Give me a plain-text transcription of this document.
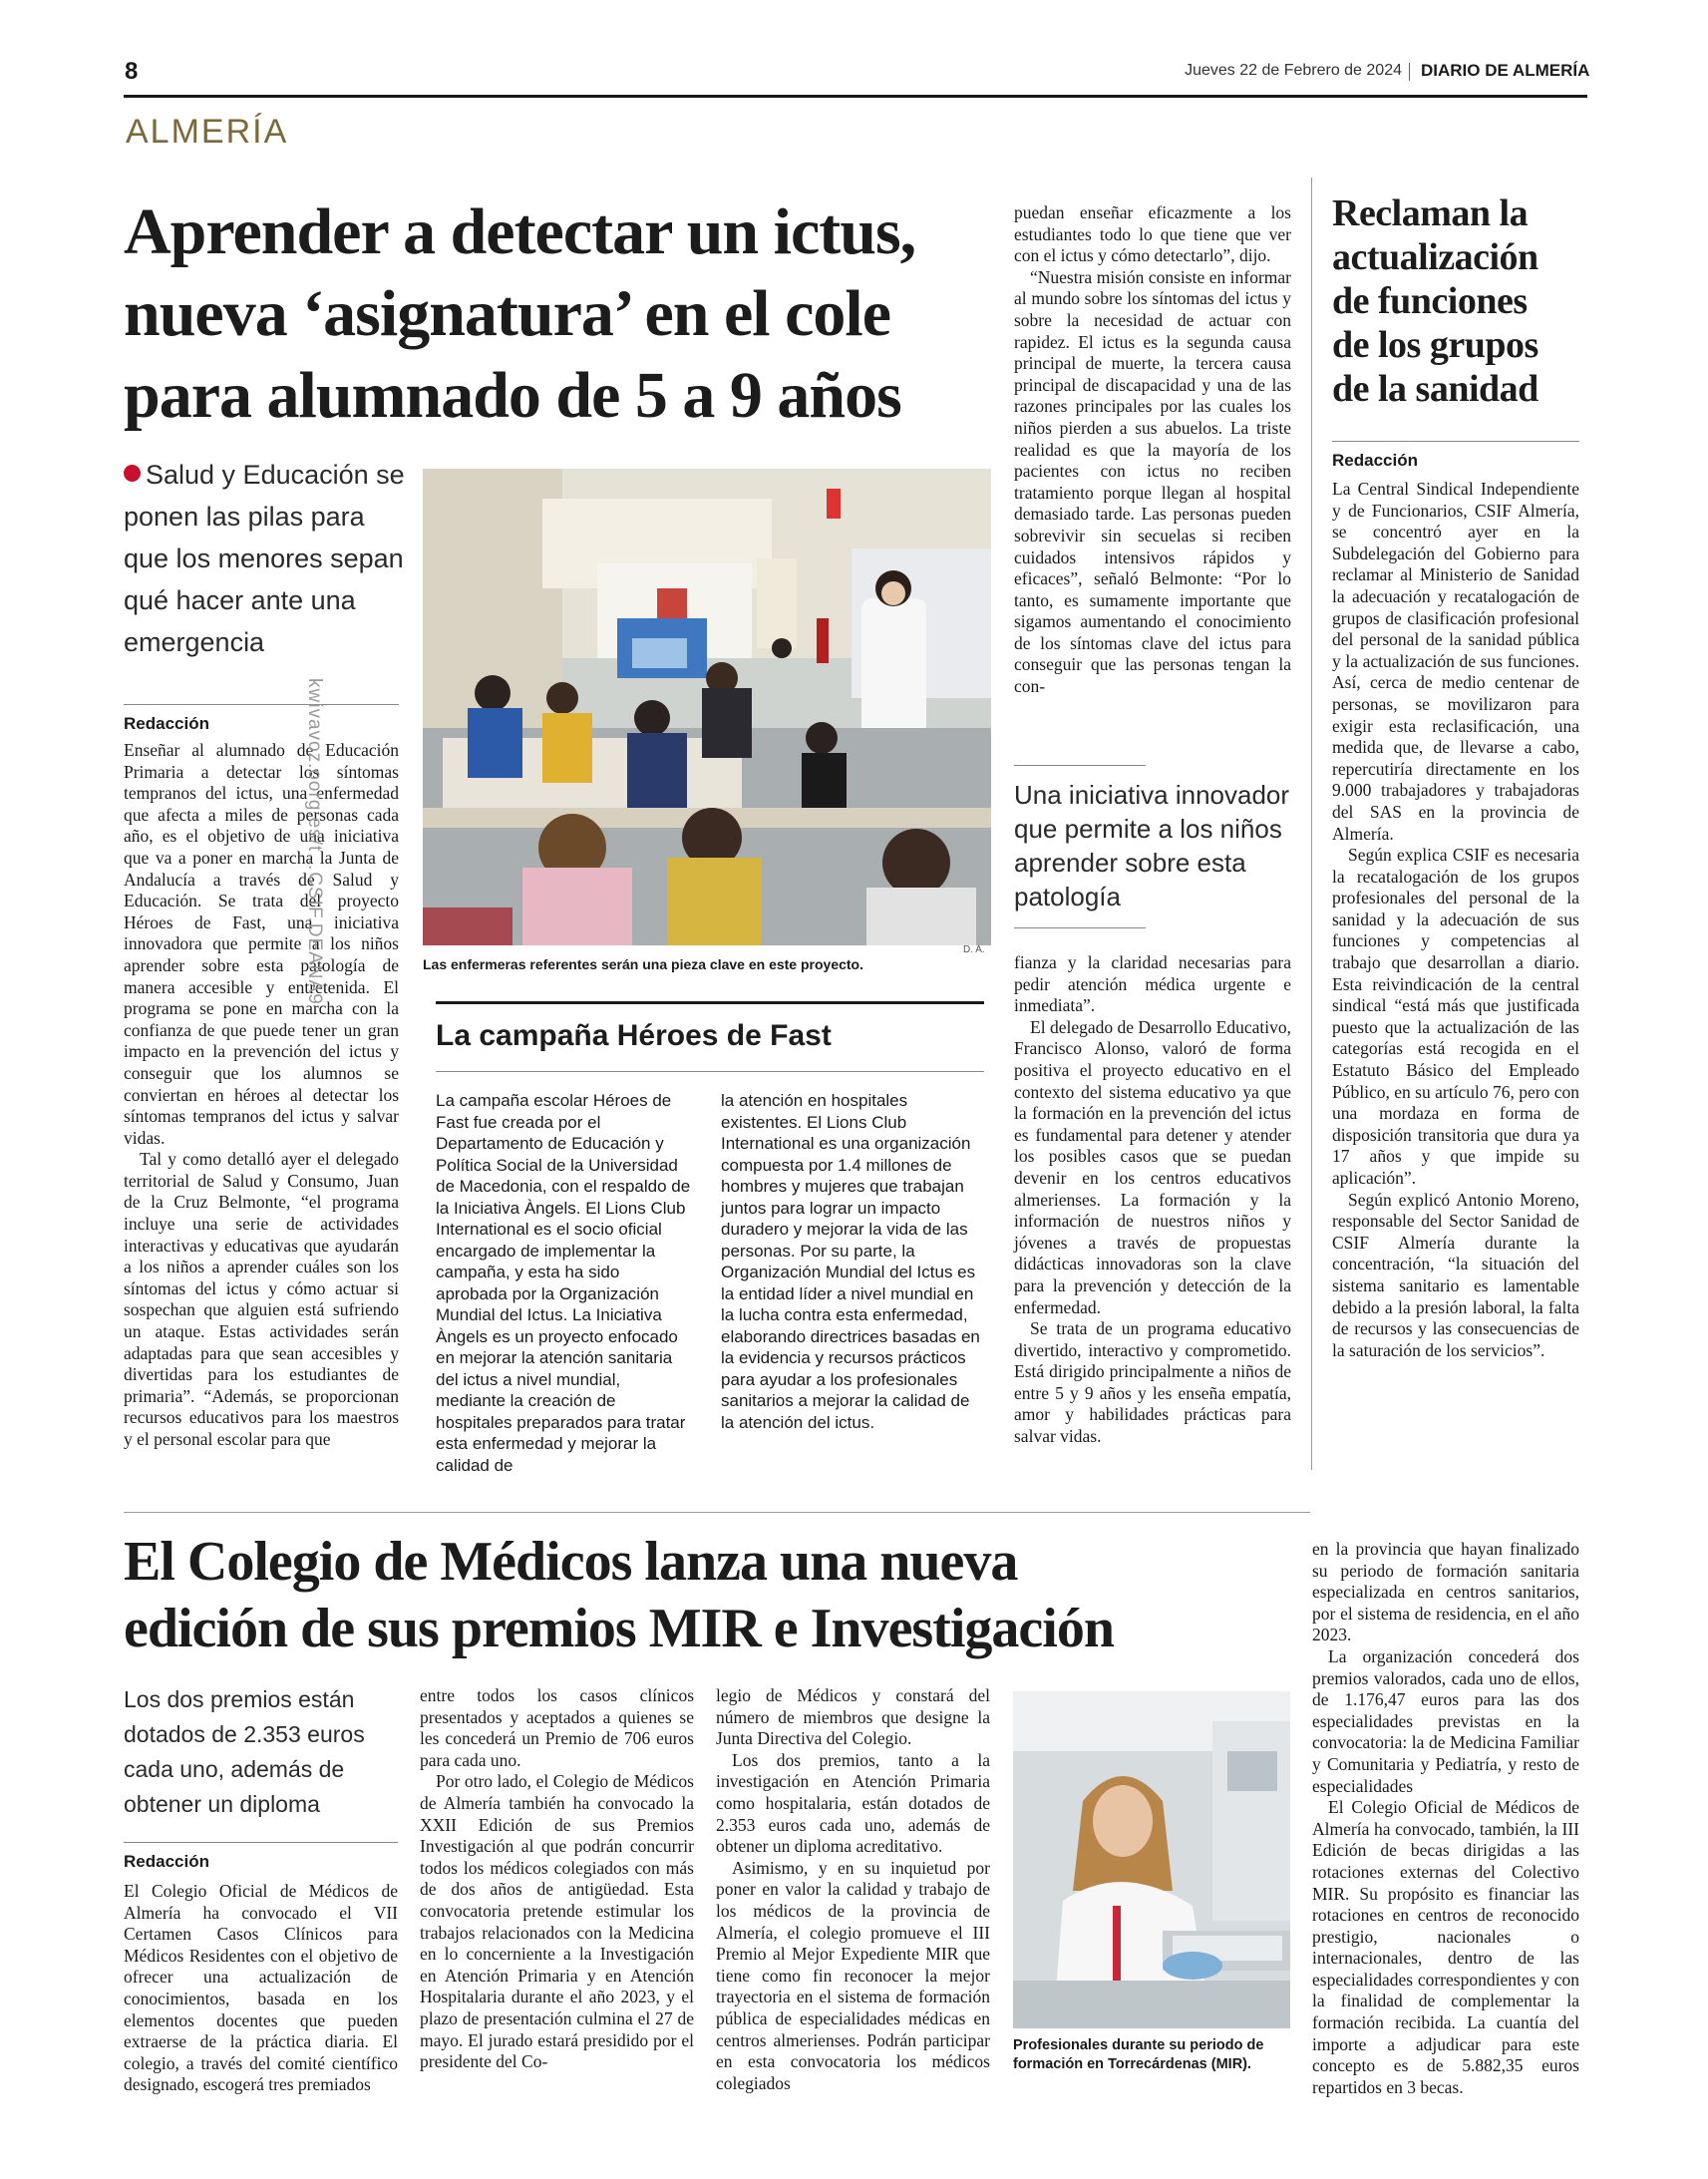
8	Jueves 22 de Febrero de 2024 DIARIO DE ALMERÍA
ALMERÍA
Aprender a detectar un ictus,
nueva ‘asignatura’ en el cole
para alumnado de 5 a 9 años
Salud y Educación se ponen las pilas para que los menores sepan qué hacer ante una emergencia
Redacción

Enseñar al alumnado de Educación Primaria a detectar los síntomas tempranos del ictus, una enfermedad que afecta a miles de personas cada año, es el objetivo de una iniciativa que va a poner en marcha la Junta de Andalucía a través de Salud y Educación. Se trata del proyecto Héroes de Fast, una iniciativa innovadora que permite a los niños aprender sobre esta patología de manera accesible y entretenida. El programa se pone en marcha con la confianza de que puede tener un gran impacto en la prevención del ictus y conseguir que los alumnos se conviertan en héroes al detectar los síntomas tempranos del ictus y salvar vidas.

Tal y como detalló ayer el delegado territorial de Salud y Consumo, Juan de la Cruz Belmonte, “el programa incluye una serie de actividades interactivas y educativas que ayudarán a los niños a aprender cuáles son los síntomas del ictus y cómo actuar si sospechan que alguien está sufriendo un ataque. Estas actividades serán adaptadas para que sean accesibles y divertidas para los estudiantes de primaria”. “Además, se proporcionan recursos educativos para los maestros y el personal escolar para que

kwivavoz.oorg.es/t…CSIF.DEANA9	Las enfermeras referentes serán una pieza clave en este proyecto.
D. A.
La campaña Héroes de Fast
La campaña escolar Héroes de Fast fue creada por el Departamento de Educación y Política Social de la Universidad de Macedonia, con el respaldo de la Iniciativa Àngels. El Lions Club International es el socio oficial encargado de implementar la campaña, y esta ha sido aprobada por la Organización Mundial del Ictus. La Iniciativa Àngels es un proyecto enfocado en mejorar la atención sanitaria del ictus a nivel mundial, mediante la creación de hospitales preparados para tratar esta enfermedad y mejorar la calidad de
la atención en hospitales existentes. El Lions Club International es una organización compuesta por 1.4 millones de hombres y mujeres que trabajan juntos para lograr un impacto duradero y mejorar la vida de las personas. Por su parte, la Organización Mundial del Ictus es la entidad líder a nivel mundial en la lucha contra esta enfermedad, elaborando directrices basadas en la evidencia y recursos prácticos para ayudar a los profesionales sanitarios a mejorar la calidad de la atención del ictus.

puedan enseñar eficazmente a los estudiantes todo lo que tiene que ver con el ictus y cómo detectarlo”, dijo.

“Nuestra misión consiste en informar al mundo sobre los síntomas del ictus y sobre la necesidad de actuar con rapidez. El ictus es la segunda causa principal de muerte, la tercera causa principal de discapacidad y una de las razones principales por las cuales los niños pierden a sus abuelos. La triste realidad es que la mayoría de los pacientes con ictus no reciben tratamiento porque llegan al hospital demasiado tarde. Las personas pueden sobrevivir sin secuelas si reciben cuidados intensivos rápidos y eficaces”, señaló Belmonte: “Por lo tanto, es sumamente importante que sigamos aumentando el conocimiento de los síntomas clave del ictus para conseguir que las personas tengan la con-

Una iniciativa innovador que permite a los niños aprender sobre esta patología

fianza y la claridad necesarias para pedir atención médica urgente e inmediata”.

El delegado de Desarrollo Educativo, Francisco Alonso, valoró de forma positiva el proyecto educativo en el contexto del sistema educativo ya que la formación en la prevención del ictus es fundamental para detener y atender los posibles casos que se puedan devenir en los centros educativos almerienses. La formación y la información de nuestros niños y jóvenes a través de propuestas didácticas innovadoras son la clave para la prevención y detección de la enfermedad.

Se trata de un programa educativo divertido, interactivo y comprometido. Está dirigido principalmente a niños de entre 5 y 9 años y les enseña empatía, amor y habilidades prácticas para salvar vidas.

Reclaman la
actualización
de funciones
de los grupos
de la sanidad
Redacción

La Central Sindical Independiente y de Funcionarios, CSIF Almería, se concentró ayer en la Subdelegación del Gobierno para reclamar al Ministerio de Sanidad la adecuación y recatalogación de grupos de clasificación profesional del personal de la sanidad pública y la actualización de sus funciones. Así, cerca de medio centenar de personas, se movilizaron para exigir esta reclasificación, una medida que, de llevarse a cabo, repercutiría directamente en los 9.000 trabajadores y trabajadoras del SAS en la provincia de Almería.

Según explica CSIF es necesaria la recatalogación de los grupos profesionales del personal de la sanidad y la adecuación de sus funciones y competencias al trabajo que desarrollan a diario. Esta reivindicación de la central sindical “está más que justificada puesto que la actualización de las categorías está recogida en el Estatuto Básico del Empleado Público, en su artículo 76, pero con una mordaza en forma de disposición transitoria que dura ya 17 años y que impide su aplicación”.

Según explicó Antonio Moreno, responsable del Sector Sanidad de CSIF Almería durante la concentración, “la situación del sistema sanitario es lamentable debido a la presión laboral, la falta de recursos y las consecuencias de la saturación de los servicios”.

El Colegio de Médicos lanza una nueva
edición de sus premios MIR e Investigación
Los dos premios están dotados de 2.353 euros cada uno, además de obtener un diploma
Redacción

El Colegio Oficial de Médicos de Almería ha convocado el VII Certamen Casos Clínicos para Médicos Residentes con el objetivo de ofrecer una actualización de conocimientos, basada en los elementos docentes que pueden extraerse de la práctica diaria. El colegio, a través del comité científico designado, escogerá tres premiados

entre todos los casos clínicos presentados y aceptados a quienes se les concederá un Premio de 706 euros para cada uno.

Por otro lado, el Colegio de Médicos de Almería también ha convocado la XXII Edición de sus Premios Investigación al que podrán concurrir todos los médicos colegiados con más de dos años de antigüedad. Esta convocatoria pretende estimular los trabajos relacionados con la Medicina en lo concerniente a la Investigación en Atención Primaria y en Atención Hospitalaria durante el año 2023, y el plazo de presentación culmina el 27 de mayo. El jurado estará presidido por el presidente del Co-

legio de Médicos y constará del número de miembros que designe la Junta Directiva del Colegio.

Los dos premios, tanto a la investigación en Atención Primaria como hospitalaria, están dotados de 2.353 euros cada uno, además de obtener un diploma acreditativo.

Asimismo, y en su inquietud por poner en valor la calidad y trabajo de los médicos de la provincia de Almería, el colegio promueve el III Premio al Mejor Expediente MIR que tiene como fin reconocer la mejor trayectoria en el sistema de formación pública de especialidades médicas en centros almerienses. Podrán participar en esta convocatoria los médicos colegiados

Profesionales durante su periodo de formación en Torrecárdenas (MIR).

en la provincia que hayan finalizado su periodo de formación sanitaria especializada en centros sanitarios, por el sistema de residencia, en el año 2023.

La organización concederá dos premios valorados, cada uno de ellos, de 1.176,47 euros para las dos especialidades previstas en la convocatoria: la de Medicina Familiar y Comunitaria y Pediatría, y resto de especialidades

El Colegio Oficial de Médicos de Almería ha convocado, también, la III Edición de becas dirigidas a las rotaciones externas del Colectivo MIR. Su propósito es financiar las rotaciones en centros de reconocido prestigio, nacionales o internacionales, dentro de las especialidades correspondientes y con la finalidad de complementar la formación recibida. La cuantía del importe a adjudicar para este concepto es de 5.882,35 euros repartidos en 3 becas.
